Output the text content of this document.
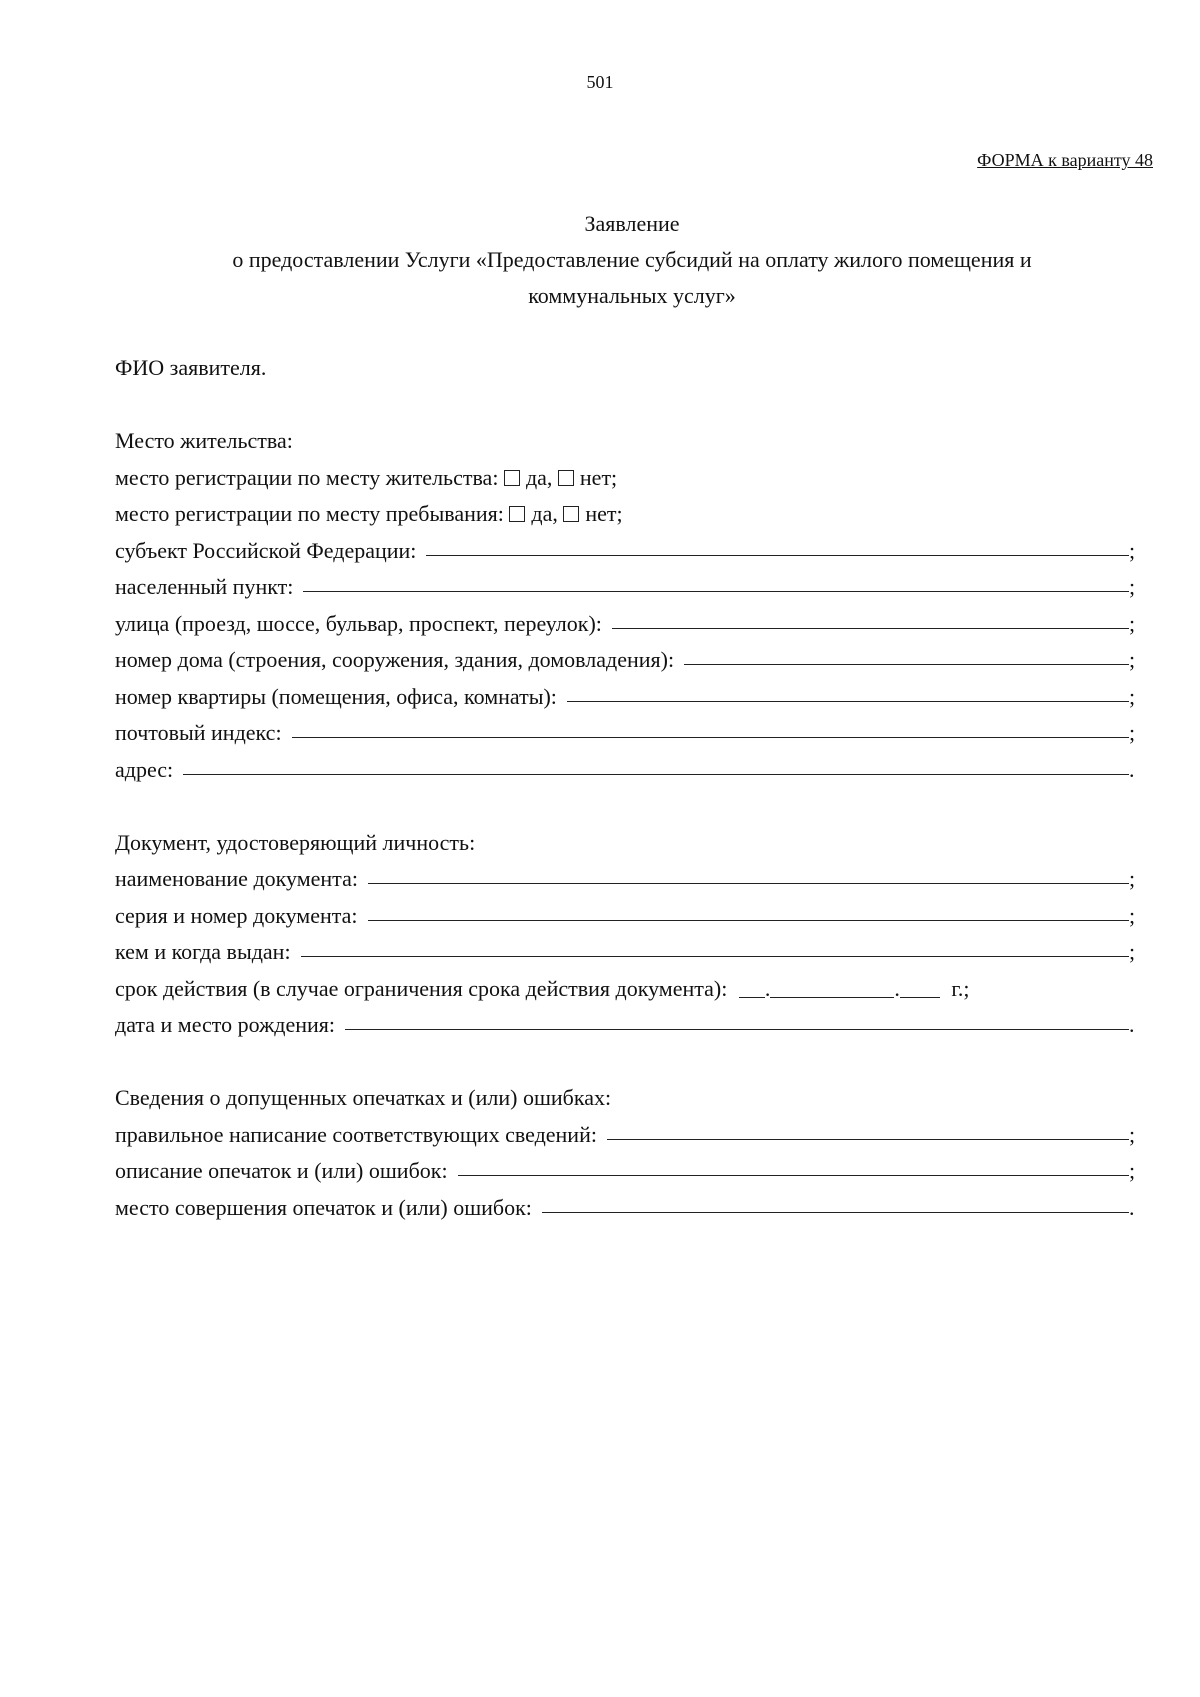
501
ФОРМА к варианту 48
Заявление
о предоставлении Услуги «Предоставление субсидий на оплату жилого помещения и
коммунальных услуг»
ФИО заявителя.
Место жительства:
место регистрации по месту жительства: да, нет;
место регистрации по месту пребывания: да, нет;
субъект Российской Федерации:	;
населенный пункт:	;
улица (проезд, шоссе, бульвар, проспект, переулок):	;
номер дома (строения, сооружения, здания, домовладения):	;
номер квартиры (помещения, офиса, комнаты):	;
почтовый индекс:	;
адрес:	.
Документ, удостоверяющий личность:
наименование документа:	;
серия и номер документа:	;
кем и когда выдан:	;
срок действия (в случае ограничения срока действия документа): .	. г.;
дата и место рождения:	.
Сведения о допущенных опечатках и (или) ошибках:
правильное написание соответствующих сведений:	;
описание опечаток и (или) ошибок:	;
место совершения опечаток и (или) ошибок:	.
